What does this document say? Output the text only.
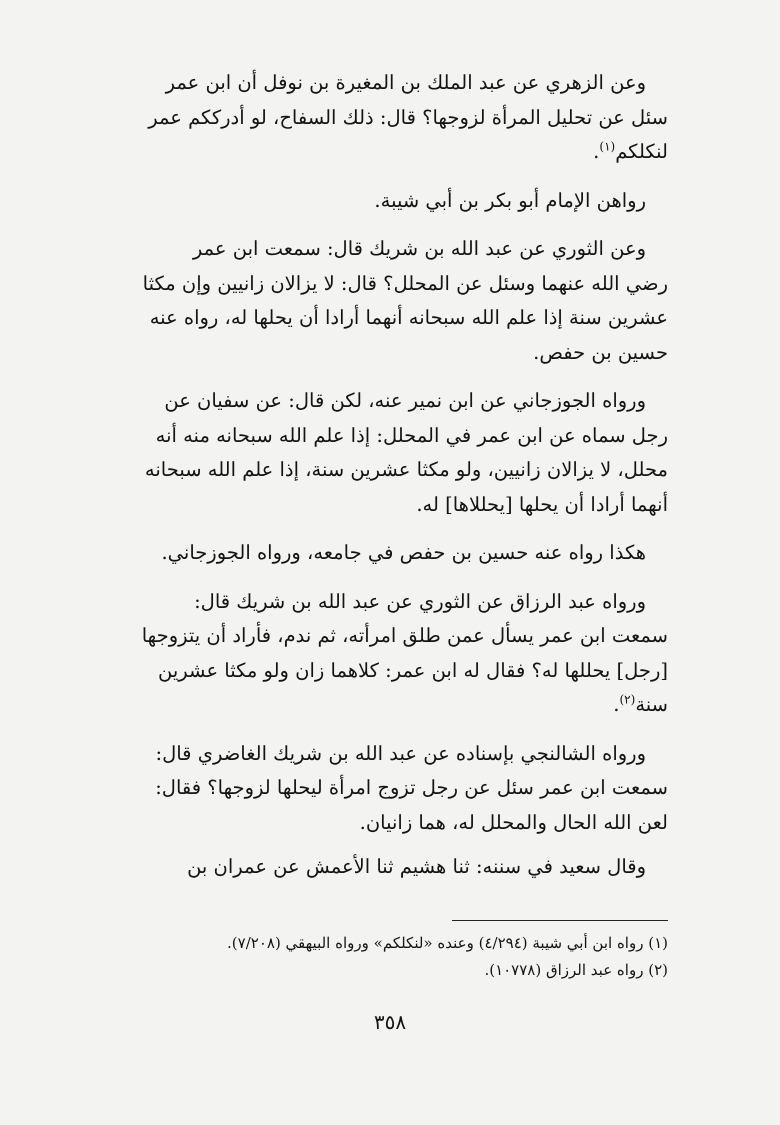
وعن الزهري عن عبد الملك بن المغيرة بن نوفل أن ابن عمر
سئل عن تحليل المرأة لزوجها؟ قال: ذلك السفاح، لو أدرككم عمر
لنكلكم$^{(١)}$.

رواهن الإمام أبو بكر بن أبي شيبة.

وعن الثوري عن عبد الله بن شريك قال: سمعت ابن عمر
رضي الله عنهما وسئل عن المحلل؟ قال: لا يزالان زانيين وإن مكثا
عشرين سنة إذا علم الله سبحانه أنهما أرادا أن يحلها له، رواه عنه
حسين بن حفص.

ورواه الجوزجاني عن ابن نمير عنه، لكن قال: عن سفيان عن
رجل سماه عن ابن عمر في المحلل: إذا علم الله سبحانه منه أنه
محلل، لا يزالان زانيين، ولو مكثا عشرين سنة، إذا علم الله سبحانه
أنهما أرادا أن يحلها [يحللاها] له.

هكذا رواه عنه حسين بن حفص في جامعه، ورواه الجوزجاني.

ورواه عبد الرزاق عن الثوري عن عبد الله بن شريك قال:
سمعت ابن عمر يسأل عمن طلق امرأته، ثم ندم، فأراد أن يتزوجها
[رجل] يحللها له؟ فقال له ابن عمر: كلاهما زان ولو مكثا عشرين
سنة$^{(٢)}$.

ورواه الشالنجي بإسناده عن عبد الله بن شريك الغاضري قال:
سمعت ابن عمر سئل عن رجل تزوج امرأة ليحلها لزوجها؟ فقال:
لعن الله الحال والمحلل له، هما زانيان.

وقال سعيد في سننه: ثنا هشيم ثنا الأعمش عن عمران بن

(١) رواه ابن أبي شيبة (٤/٢٩٤) وعنده «لنكلكم» ورواه البيهقي (٧/٢٠٨).

(٢) رواه عبد الرزاق (١٠٧٧٨).

٣٥٨
